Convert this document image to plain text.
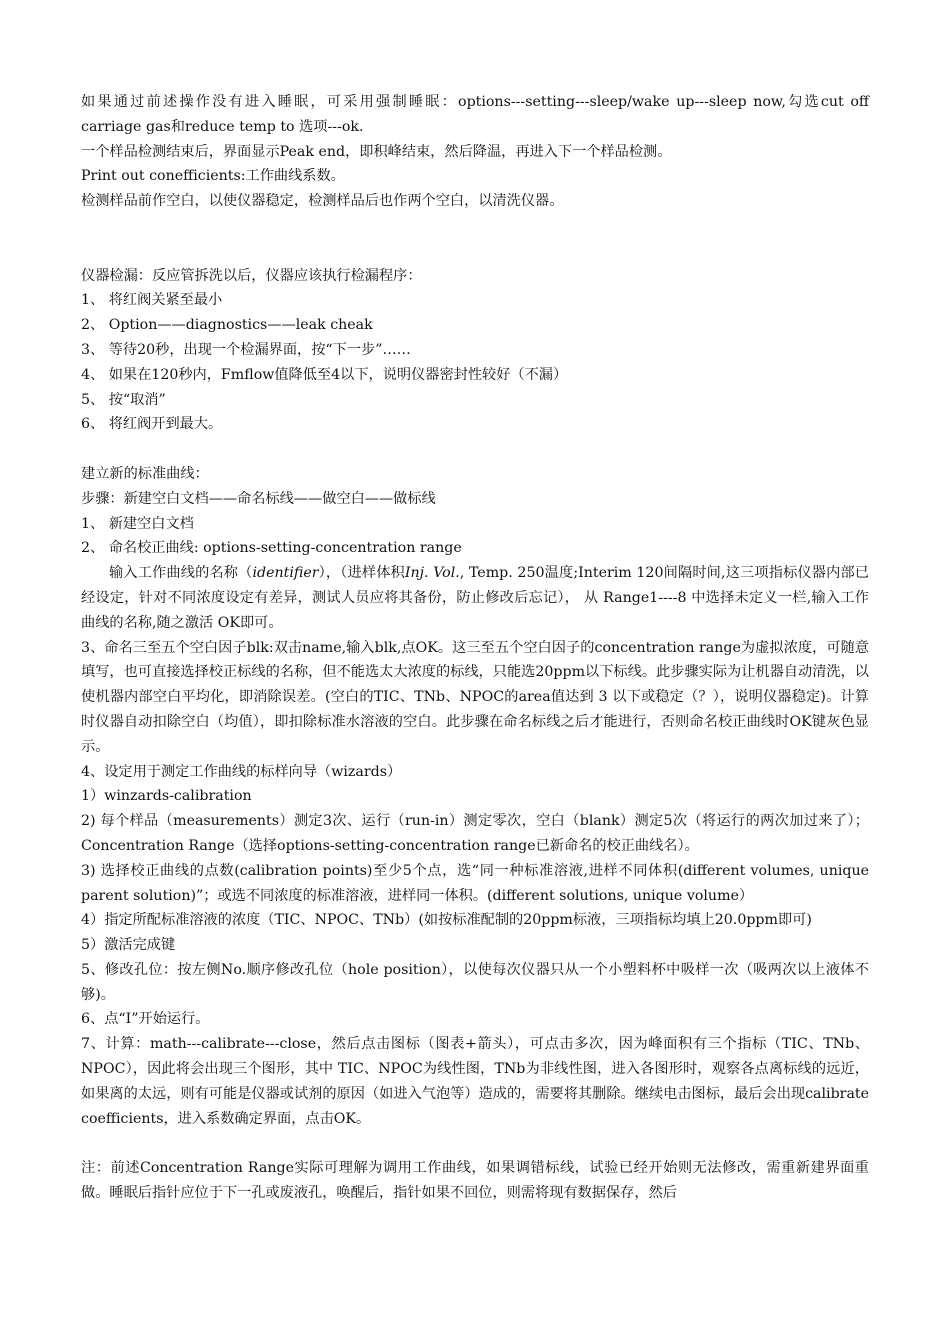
如果通过前述操作没有进入睡眠，可采用强制睡眠：options---setting---sleep/wake up---sleep now,勾选cut off carriage gas和reduce temp to 选项---ok.

一个样品检测结束后，界面显示Peak end，即积峰结束，然后降温，再进入下一个样品检测。

Print out conefficients:工作曲线系数。

检测样品前作空白，以使仪器稳定，检测样品后也作两个空白，以清洗仪器。

仪器检漏：反应管拆洗以后，仪器应该执行检漏程序：

1、 将红阀关紧至最小

2、 Option——diagnostics——leak cheak

3、 等待20秒，出现一个检漏界面，按“下一步”……

4、 如果在120秒内，Fmflow值降低至4以下，说明仪器密封性较好（不漏）

5、 按“取消”

6、 将红阀开到最大。

建立新的标准曲线：

步骤：新建空白文档——命名标线——做空白——做标线

1、 新建空白文档

2、 命名校正曲线: options-setting-concentration range

输入工作曲线的名称（identifier），（进样体积Inj. Vol., Temp. 250温度;Interim 120间隔时间,这三项指标仪器内部已经设定，针对不同浓度设定有差异，测试人员应将其备份，防止修改后忘记）， 从 Range1----8 中选择未定义一栏,输入工作曲线的名称,随之激活 OK即可。

3、命名三至五个空白因子blk:双击name,输入blk,点OK。这三至五个空白因子的concentration range为虚拟浓度，可随意填写，也可直接选择校正标线的名称，但不能选太大浓度的标线，只能选20ppm以下标线。此步骤实际为让机器自动清洗，以使机器内部空白平均化，即消除误差。(空白的TIC、TNb、NPOC的area值达到 3 以下或稳定（？），说明仪器稳定)。计算时仪器自动扣除空白（均值），即扣除标准水溶液的空白。此步骤在命名标线之后才能进行，否则命名校正曲线时OK键灰色显示。

4、设定用于测定工作曲线的标样向导（wizards）

1）winzards-calibration

2) 每个样品（measurements）测定3次、运行（run-in）测定零次，空白（blank）测定5次（将运行的两次加过来了）；Concentration Range（选择options-setting-concentration range已新命名的校正曲线名）。

3) 选择校正曲线的点数(calibration points)至少5个点，选“同一种标准溶液,进样不同体积(different volumes, unique parent solution)”；或选不同浓度的标准溶液，进样同一体积。(different solutions, unique volume）

4）指定所配标准溶液的浓度（TIC、NPOC、TNb）(如按标准配制的20ppm标液，三项指标均填上20.0ppm即可)

5）激活完成键

5、修改孔位：按左侧No.顺序修改孔位（hole position），以使每次仪器只从一个小塑料杯中吸样一次（吸两次以上液体不够)。

6、点“I”开始运行。

7、计算：math---calibrate---close，然后点击图标（图表+箭头），可点击多次，因为峰面积有三个指标（TIC、TNb、NPOC），因此将会出现三个图形，其中 TIC、NPOC为线性图，TNb为非线性图，进入各图形时，观察各点离标线的远近，如果离的太远，则有可能是仪器或试剂的原因（如进入气泡等）造成的，需要将其删除。继续电击图标，最后会出现calibrate coefficients，进入系数确定界面，点击OK。

注：前述Concentration Range实际可理解为调用工作曲线，如果调错标线，试验已经开始则无法修改，需重新建界面重做。睡眠后指针应位于下一孔或废液孔，唤醒后，指针如果不回位，则需将现有数据保存，然后
